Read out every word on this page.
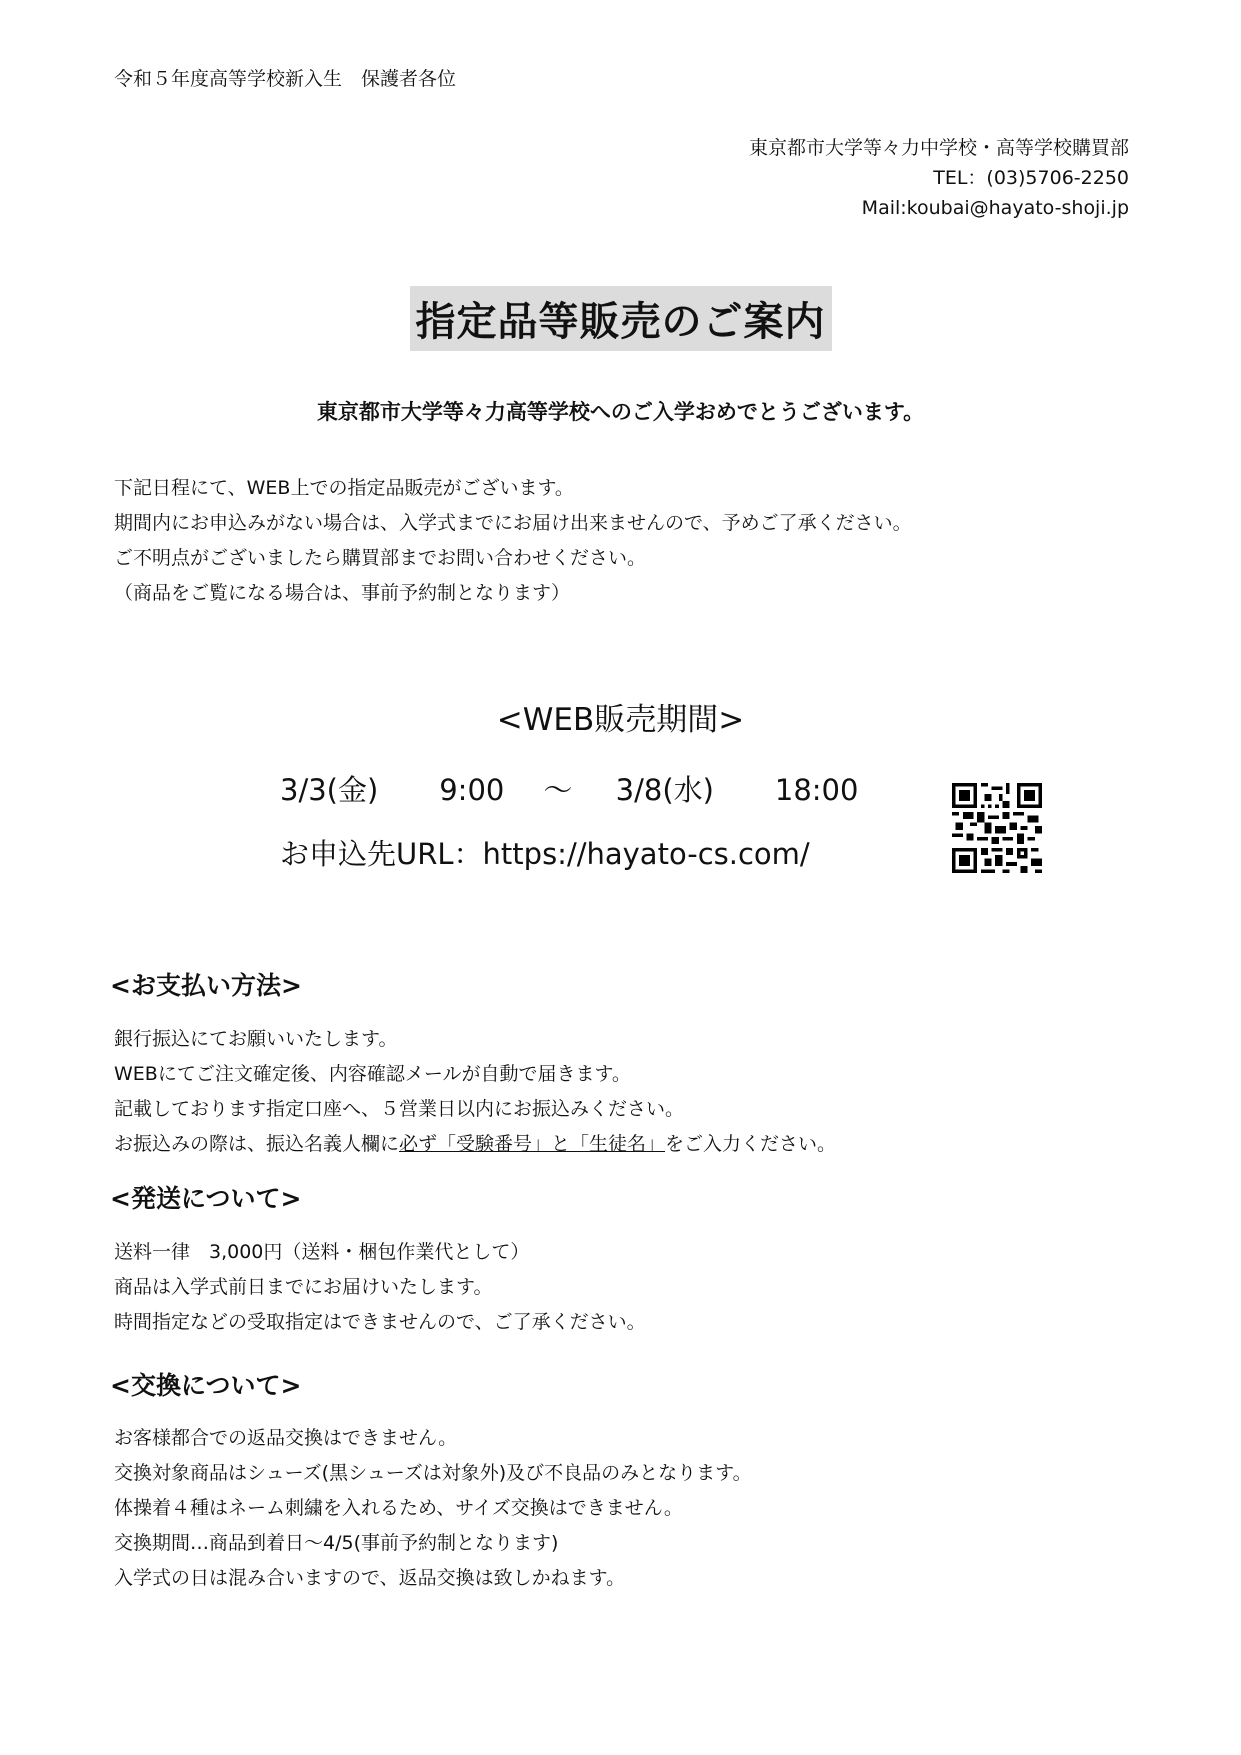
令和５年度高等学校新入生　保護者各位
東京都市大学等々力中学校・高等学校購買部
TEL：(03)5706-2250
Mail:koubai@hayato-shoji.jp
指定品等販売のご案内
東京都市大学等々力高等学校へのご入学おめでとうございます。
下記日程にて、WEB上での指定品販売がございます。
期間内にお申込みがない場合は、入学式までにお届け出来ませんので、予めご了承ください。
ご不明点がございましたら購買部までお問い合わせください。
（商品をご覧になる場合は、事前予約制となります）
<WEB販売期間>
3/3(金) 9:00 ～ 3/8(水) 18:00
お申込先URL：https://hayato-cs.com/
<お支払い方法>
銀行振込にてお願いいたします。
WEBにてご注文確定後、内容確認メールが自動で届きます。
記載しております指定口座へ、５営業日以内にお振込みください。
お振込みの際は、振込名義人欄に必ず「受験番号」と「生徒名」をご入力ください。
<発送について>
送料一律　3,000円（送料・梱包作業代として）
商品は入学式前日までにお届けいたします。
時間指定などの受取指定はできませんので、ご了承ください。
<交換について>
お客様都合での返品交換はできません。
交換対象商品はシューズ(黒シューズは対象外)及び不良品のみとなります。
体操着４種はネーム刺繍を入れるため、サイズ交換はできません。
交換期間…商品到着日～4/5(事前予約制となります)
入学式の日は混み合いますので、返品交換は致しかねます。
